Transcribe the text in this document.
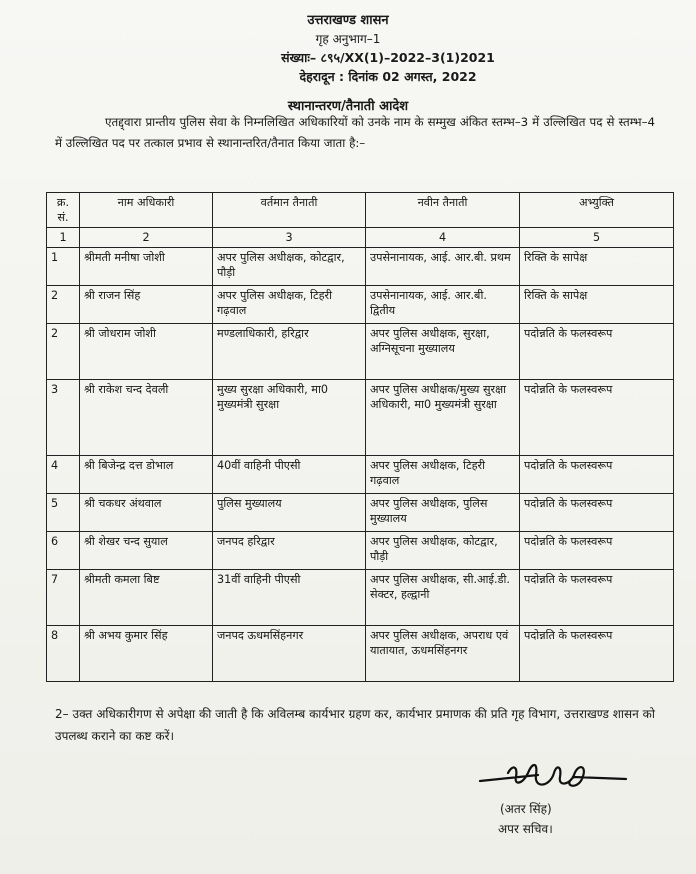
उत्तराखण्ड शासन
गृह अनुभाग–1
संख्याः– ८९५/XX(1)–2022–3(1)2021
देहरादून : दिनांक 02 अगस्त, 2022
स्थानान्तरण/तैनाती आदेश
एतद्द्वारा प्रान्तीय पुलिस सेवा के निम्नलिखित अधिकारियों को उनके नाम के सम्मुख अंकित स्तम्भ–3 में उल्लिखित पद से स्तम्भ–4 में उल्लिखित पद पर तत्काल प्रभाव से स्थानान्तरित/तैनात किया जाता है:–
क्र. सं.	नाम अधिकारी	वर्तमान तैनाती	नवीन तैनाती	अभ्युक्ति
1	2	3	4	5
1	श्रीमती मनीषा जोशी	अपर पुलिस अधीक्षक, कोटद्वार, पौड़ी	उपसेनानायक, आई. आर.बी. प्रथम	रिक्ति के सापेक्ष
2	श्री राजन सिंह	अपर पुलिस अधीक्षक, टिहरी गढ़वाल	उपसेनानायक, आई. आर.बी. द्वितीय	रिक्ति के सापेक्ष
2	श्री जोधराम जोशी	मण्डलाधिकारी, हरिद्वार	अपर पुलिस अधीक्षक, सुरक्षा, अग्निसूचना मुख्यालय	पदोन्नति के फलस्वरूप
3	श्री राकेश चन्द देवली	मुख्य सुरक्षा अधिकारी, मा0 मुख्यमंत्री सुरक्षा	अपर पुलिस अधीक्षक/मुख्य सुरक्षा अधिकारी, मा0 मुख्यमंत्री सुरक्षा	पदोन्नति के फलस्वरूप
4	श्री बिजेन्द्र दत्त डोभाल	40वीं वाहिनी पीएसी	अपर पुलिस अधीक्षक, टिहरी गढ़वाल	पदोन्नति के फलस्वरूप
5	श्री चकधर अंथवाल	पुलिस मुख्यालय	अपर पुलिस अधीक्षक, पुलिस मुख्यालय	पदोन्नति के फलस्वरूप
6	श्री शेखर चन्द सुयाल	जनपद हरिद्वार	अपर पुलिस अधीक्षक, कोटद्वार, पौड़ी	पदोन्नति के फलस्वरूप
7	श्रीमती कमला बिष्ट	31वीं वाहिनी पीएसी	अपर पुलिस अधीक्षक, सी.आई.डी. सेक्टर, हल्द्वानी	पदोन्नति के फलस्वरूप
8	श्री अभय कुमार सिंह	जनपद ऊधमसिंहनगर	अपर पुलिस अधीक्षक, अपराध एवं यातायात, ऊधमसिंहनगर	पदोन्नति के फलस्वरूप
2– उक्त अधिकारीगण से अपेक्षा की जाती है कि अविलम्ब कार्यभार ग्रहण कर, कार्यभार प्रमाणक की प्रति गृह विभाग, उत्तराखण्ड शासन को उपलब्ध कराने का कष्ट करें।
(अतर सिंह)
अपर सचिव।
